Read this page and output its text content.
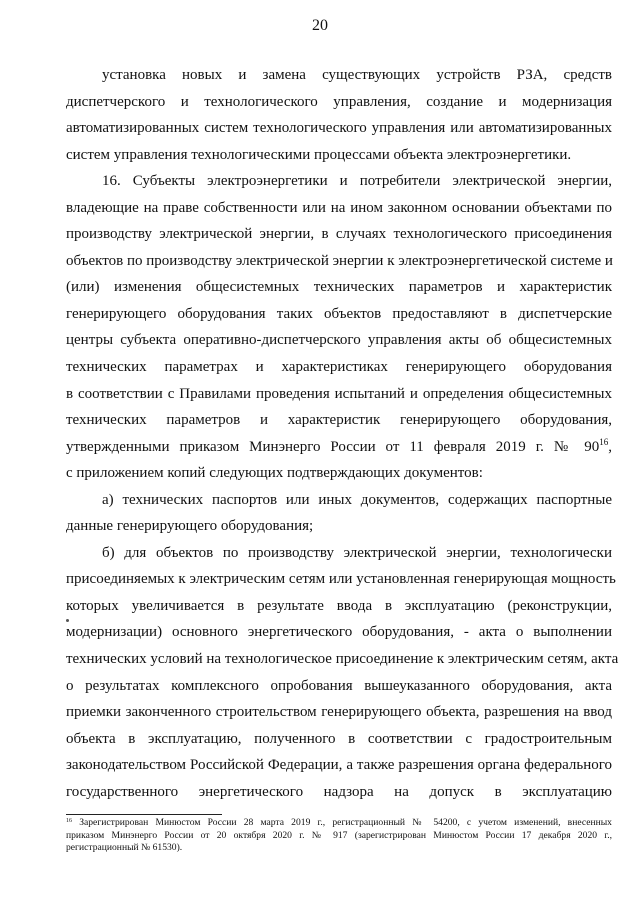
20
установка новых и замена существующих устройств РЗА, средств
диспетчерского и технологического управления, создание и модернизация
автоматизированных систем технологического управления или автоматизированных
систем управления технологическими процессами объекта электроэнергетики.
16. Субъекты электроэнергетики и потребители электрической энергии,
владеющие на праве собственности или на ином законном основании объектами по
производству электрической энергии, в случаях технологического присоединения
объектов по производству электрической энергии к электроэнергетической системе и
(или) изменения общесистемных технических параметров и характеристик
генерирующего оборудования таких объектов предоставляют в диспетчерские
центры субъекта оперативно-диспетчерского управления акты об общесистемных
технических параметрах и характеристиках генерирующего оборудования
в соответствии с Правилами проведения испытаний и определения общесистемных
технических параметров и характеристик генерирующего оборудования,
утвержденными приказом Минэнерго России от 11 февраля 2019 г. № $90^{16}$,
с приложением копий следующих подтверждающих документов:
а) технических паспортов или иных документов, содержащих паспортные
данные генерирующего оборудования;
б) для объектов по производству электрической энергии, технологически
присоединяемых к электрическим сетям или установленная генерирующая мощность
которых увеличивается в результате ввода в эксплуатацию (реконструкции,
модернизации) основного энергетического оборудования, - акта о выполнении
технических условий на технологическое присоединение к электрическим сетям, акта
о результатах комплексного опробования вышеуказанного оборудования, акта
приемки законченного строительством генерирующего объекта, разрешения на ввод
объекта в эксплуатацию, полученного в соответствии с градостроительным
законодательством Российской Федерации, а также разрешения органа федерального
государственного энергетического надзора на допуск в эксплуатацию
$^{16}$ Зарегистрирован Минюстом России 28 марта 2019 г., регистрационный № 54200, с учетом изменений, внесенных
приказом Минэнерго России от 20 октября 2020 г. № 917 (зарегистрирован Минюстом России 17 декабря 2020 г.,
регистрационный № 61530).
